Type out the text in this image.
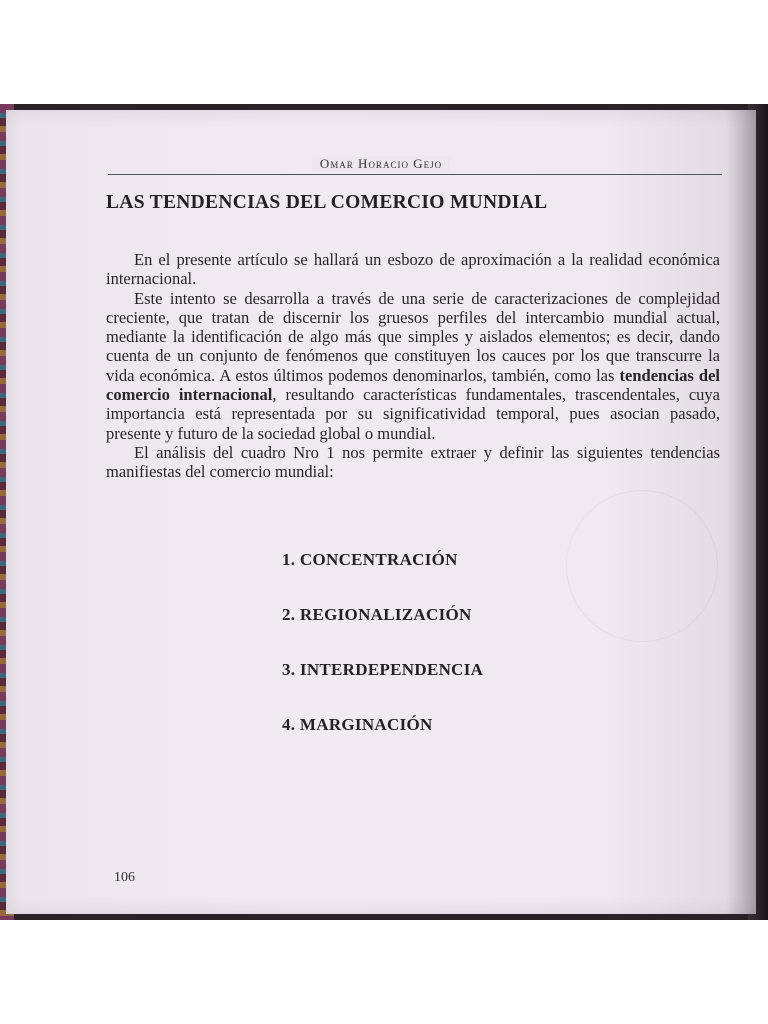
Omar Horacio Gejo
LAS TENDENCIAS DEL COMERCIO MUNDIAL

En el presente artículo se hallará un esbozo de aproximación a la realidad económica internacional.

Este intento se desarrolla a través de una serie de caracterizaciones de complejidad creciente, que tratan de discernir los gruesos perfiles del intercambio mundial actual, mediante la identificación de algo más que simples y aislados elementos; es decir, dando cuenta de un conjunto de fenómenos que constituyen los cauces por los que transcurre la vida económica. A estos últimos podemos denominarlos, también, como las tendencias del comercio internacional, resultando características fundamentales, trascendentales, cuya importancia está representada por su significatividad temporal, pues asocian pasado, presente y futuro de la sociedad global o mundial.

El análisis del cuadro Nro 1 nos permite extraer y definir las siguientes tendencias manifiestas del comercio mundial:

1. CONCENTRACIÓN
2. REGIONALIZACIÓN
3. INTERDEPENDENCIA
4. MARGINACIÓN
106
